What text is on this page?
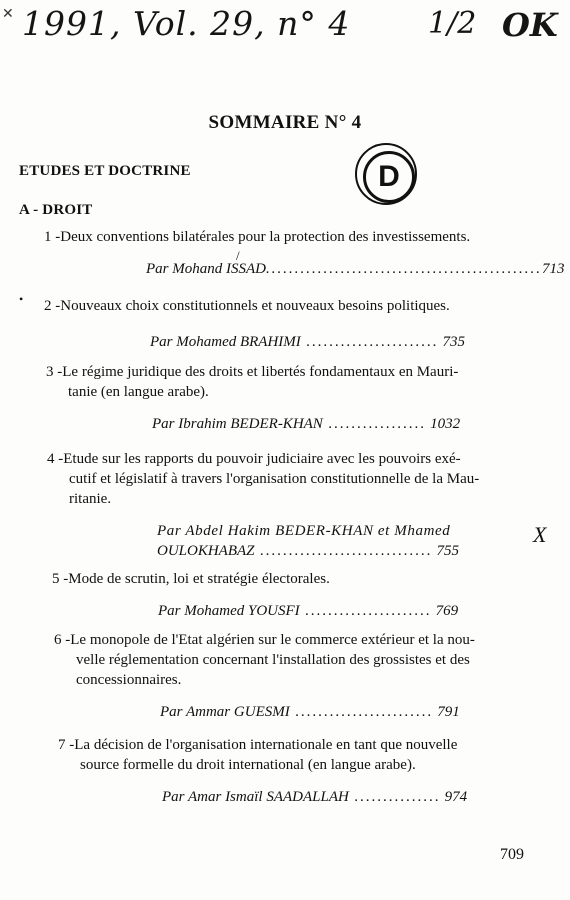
✕ 1991, Vol. 29, n° 4	1/2 OK
SOMMAIRE N° 4
D
ETUDES ET DOCTRINE
A - DROIT
/
•
1 -Deux conventions bilatérales pour la protection des investissements.
Par Mohand ISSAD................................................713
2 -Nouveaux choix constitutionnels et nouveaux besoins politiques.
Par Mohamed BRAHIMI ....................... 735
3 -Le régime juridique des droits et libertés fondamentaux en Mauri-
tanie (en langue arabe).
Par Ibrahim BEDER-KHAN ................. 1032
4 -Etude sur les rapports du pouvoir judiciaire avec les pouvoirs exé-
cutif et législatif à travers l'organisation constitutionnelle de la Mau-
ritanie.
Par Abdel Hakim BEDER-KHAN et Mhamed
OULOKHABAZ .............................. 755
X
5 -Mode de scrutin, loi et stratégie électorales.
Par Mohamed YOUSFI ...................... 769
6 -Le monopole de l'Etat algérien sur le commerce extérieur et la nou-
velle réglementation concernant l'installation des grossistes et des
concessionnaires.
Par Ammar GUESMI ........................ 791
7 -La décision de l'organisation internationale en tant que nouvelle
source formelle du droit international (en langue arabe).
Par Amar Ismaïl SAADALLAH ............... 974
709
